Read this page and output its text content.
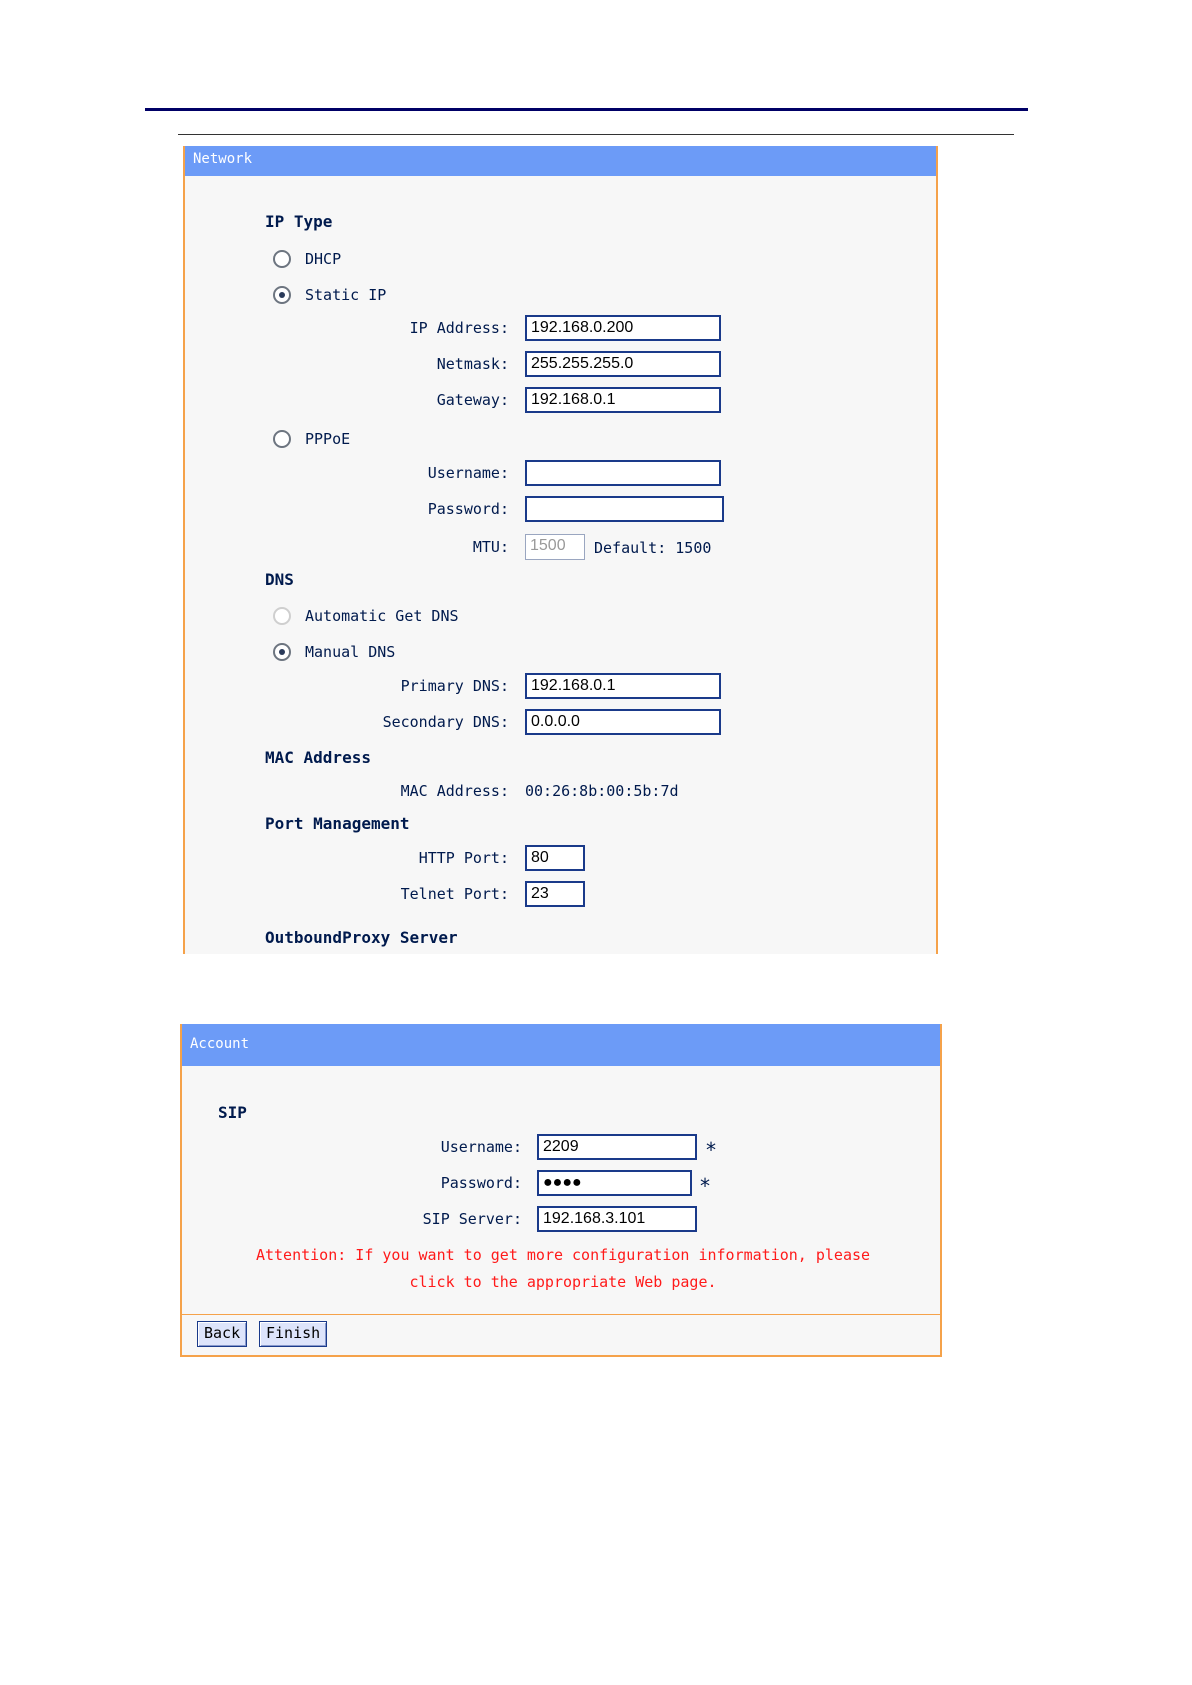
Network
IP Type
DHCP
Static IP
IP Address:	192.168.0.200
Netmask:	255.255.255.0
Gateway:	192.168.0.1
PPPoE
Username:
Password:
MTU:	1500	Default: 1500
DNS
Automatic Get DNS
Manual DNS
Primary DNS:	192.168.0.1
Secondary DNS:	0.0.0.0
MAC Address
MAC Address: 00:26:8b:00:5b:7d
Port Management
HTTP Port:	80
Telnet Port:	23
OutboundProxy Server
Account
SIP
Username:	2209	*
Password:	●●●●	*
SIP Server:	192.168.3.101
Attention: If you want to get more configuration information, please
click to the appropriate Web page.
Back	Finish
